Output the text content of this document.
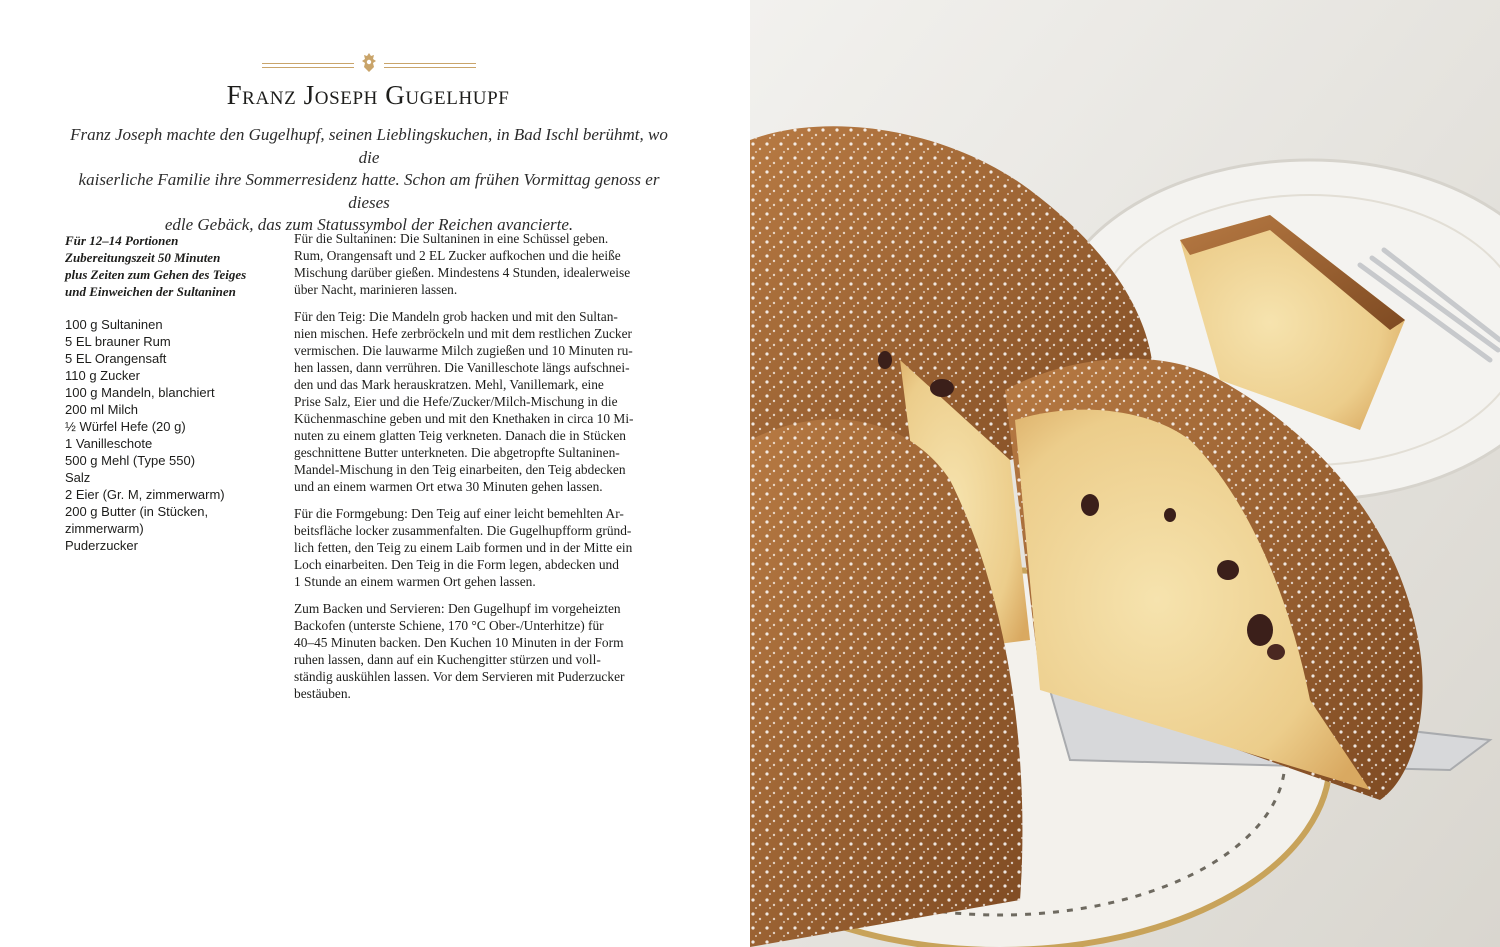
Franz Joseph Gugelhupf
Franz Joseph machte den Gugelhupf, seinen Lieblingskuchen, in Bad Ischl berühmt, wo die
kaiserliche Familie ihre Sommerresidenz hatte. Schon am frühen Vormittag genoss er dieses
edle Gebäck, das zum Statussymbol der Reichen avancierte.
Für 12–14 Portionen
Zubereitungszeit 50 Minuten
plus Zeiten zum Gehen des Teiges
und Einweichen der Sultaninen
100 g Sultaninen
5 EL brauner Rum
5 EL Orangensaft
110 g Zucker
100 g Mandeln, blanchiert
200 ml Milch
½ Würfel Hefe (20 g)
1 Vanilleschote
500 g Mehl (Type 550)
Salz
2 Eier (Gr. M, zimmerwarm)
200 g Butter (in Stücken,
zimmerwarm)
Puderzucker

Für die Sultaninen: Die Sultaninen in eine Schüssel geben.
Rum, Orangensaft und 2 EL Zucker aufkochen und die heiße
Mischung darüber gießen. Mindestens 4 Stunden, idealerweise
über Nacht, marinieren lassen.

Für den Teig: Die Mandeln grob hacken und mit den Sultan-
nien mischen. Hefe zerbröckeln und mit dem restlichen Zucker
vermischen. Die lauwarme Milch zugießen und 10 Minuten ru-
hen lassen, dann verrühren. Die Vanilleschote längs aufschnei-
den und das Mark herauskratzen. Mehl, Vanillemark, eine
Prise Salz, Eier und die Hefe/Zucker/Milch-Mischung in die
Küchenmaschine geben und mit den Knethaken in circa 10 Mi-
nuten zu einem glatten Teig verkneten. Danach die in Stücken
geschnittene Butter unterkneten. Die abgetropfte Sultaninen-
Mandel-Mischung in den Teig einarbeiten, den Teig abdecken
und an einem warmen Ort etwa 30 Minuten gehen lassen.

Für die Formgebung: Den Teig auf einer leicht bemehlten Ar-
beitsfläche locker zusammenfalten. Die Gugelhupfform gründ-
lich fetten, den Teig zu einem Laib formen und in der Mitte ein
Loch einarbeiten. Den Teig in die Form legen, abdecken und
1 Stunde an einem warmen Ort gehen lassen.

Zum Backen und Servieren: Den Gugelhupf im vorgeheizten
Backofen (unterste Schiene, 170 °C Ober-/Unterhitze) für
40–45 Minuten backen. Den Kuchen 10 Minuten in der Form
ruhen lassen, dann auf ein Kuchengitter stürzen und voll-
ständig auskühlen lassen. Vor dem Servieren mit Puderzucker
bestäuben.
